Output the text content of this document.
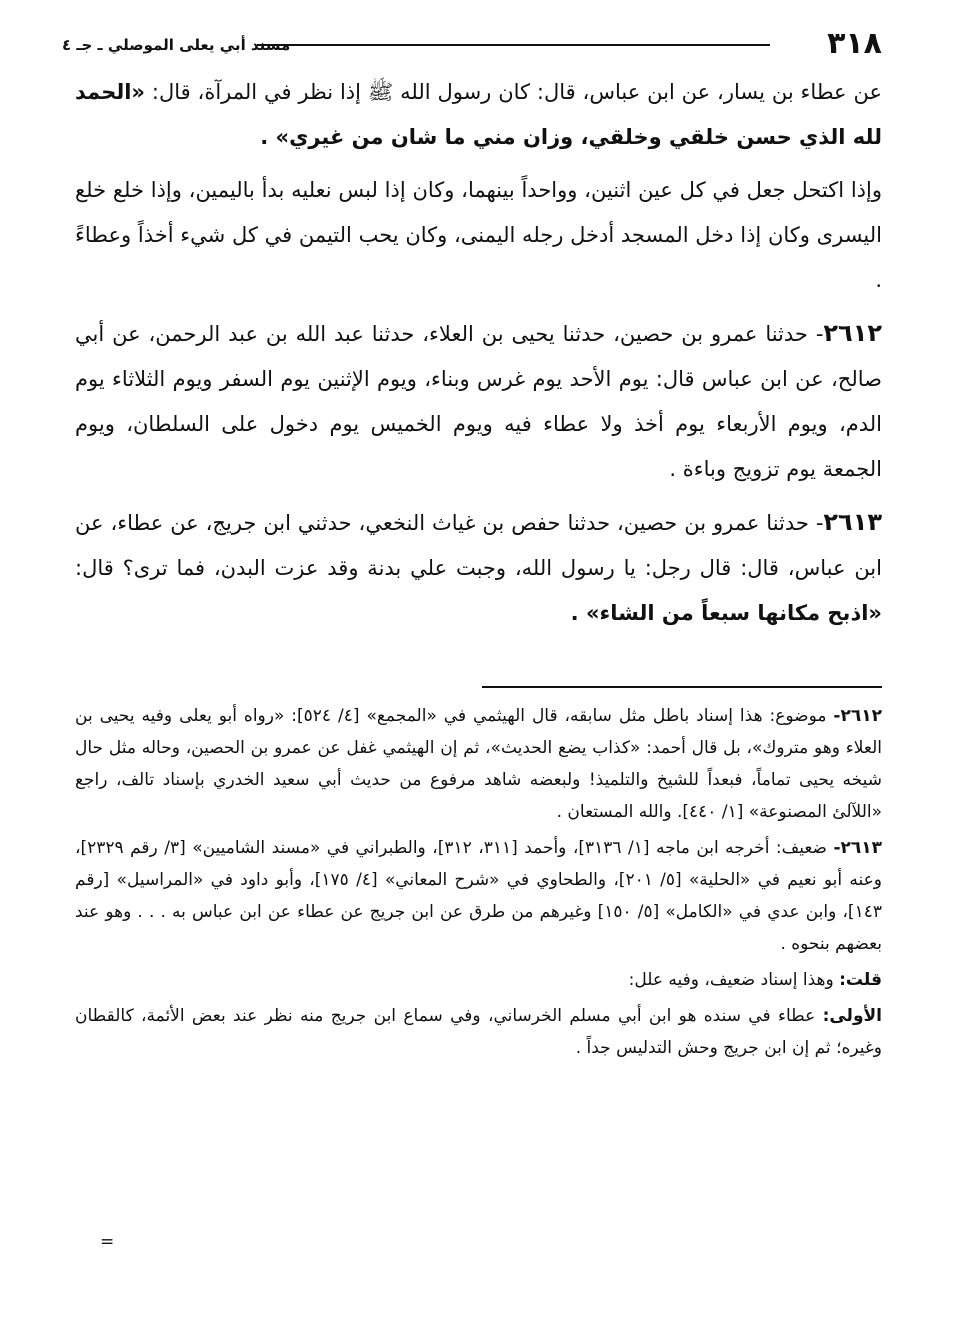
٣١٨
مسند أبي يعلى الموصلي ـ جـ ٤

عن عطاء بن يسار، عن ابن عباس، قال: كان رسول الله ﷺ إذا نظر في المرآة، قال: «الحمد لله الذي حسن خلقي وخلقي، وزان مني ما شان من غيري» .

وإذا اكتحل جعل في كل عين اثنين، وواحداً بينهما، وكان إذا لبس نعليه بدأ باليمين، وإذا خلع خلع اليسرى وكان إذا دخل المسجد أدخل رجله اليمنى، وكان يحب التيمن في كل شيء أخذاً وعطاءً .

٢٦١٢- حدثنا عمرو بن حصين، حدثنا يحيى بن العلاء، حدثنا عبد الله بن عبد الرحمن، عن أبي صالح، عن ابن عباس قال: يوم الأحد يوم غرس وبناء، ويوم الإثنين يوم السفر ويوم الثلاثاء يوم الدم، ويوم الأربعاء يوم أخذ ولا عطاء فيه ويوم الخميس يوم دخول على السلطان، ويوم الجمعة يوم تزويج وباءة .

٢٦١٣- حدثنا عمرو بن حصين، حدثنا حفص بن غياث النخعي، حدثني ابن جريج، عن عطاء، عن ابن عباس، قال: قال رجل: يا رسول الله، وجبت علي بدنة وقد عزت البدن، فما ترى؟ قال: «اذبح مكانها سبعاً من الشاء» .

٢٦١٢- موضوع: هذا إسناد باطل مثل سابقه، قال الهيثمي في «المجمع» [٤/ ٥٢٤]: «رواه أبو يعلى وفيه يحيى بن العلاء وهو متروك»، بل قال أحمد: «كذاب يضع الحديث»، ثم إن الهيثمي غفل عن عمرو بن الحصين، وحاله مثل حال شيخه يحيى تماماً، فبعداً للشيخ والتلميذ! ولبعضه شاهد مرفوع من حديث أبي سعيد الخدري بإسناد تالف، راجع «اللآلئ المصنوعة» [١/ ٤٤٠]. والله المستعان .

٢٦١٣- ضعيف: أخرجه ابن ماجه [١/ ٣١٣٦]، وأحمد [٣١١، ٣١٢]، والطبراني في «مسند الشاميين» [٣/ رقم ٢٣٢٩]، وعنه أبو نعيم في «الحلية» [٥/ ٢٠١]، والطحاوي في «شرح المعاني» [٤/ ١٧٥]، وأبو داود في «المراسيل» [رقم ١٤٣]، وابن عدي في «الكامل» [٥/ ١٥٠] وغيرهم من طرق عن ابن جريج عن عطاء عن ابن عباس به . . . وهو عند بعضهم بنحوه .

قلت: وهذا إسناد ضعيف، وفيه علل:

الأولى: عطاء في سنده هو ابن أبي مسلم الخرساني، وفي سماع ابن جريج منه نظر عند بعض الأئمة، كالقطان وغيره؛ ثم إن ابن جريج وحش التدليس جداً .

=
